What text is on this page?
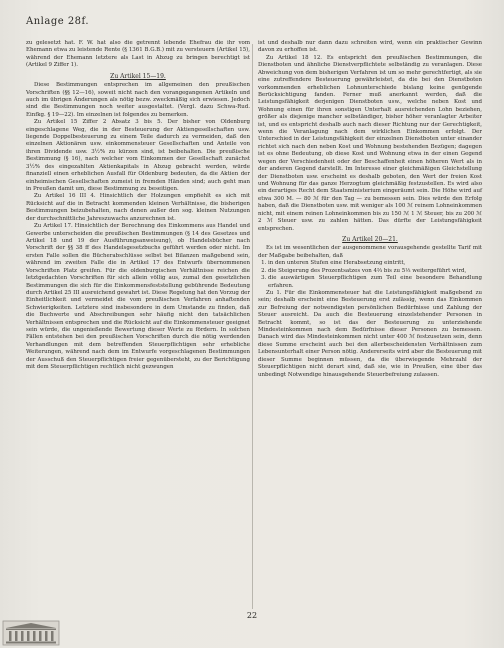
Anlage 28f.

zu gelesetzt hat. F. W. hat also die getrennt lebende Ehefrau die ihr vom Ehemann etwa zu leistende Rente (§ 1361 B.G.B.) mit zu versteuern (Artikel 15), während der Ehemann letztere als Last in Abzug zu bringen berechtigt ist (Artikel 9 Ziffer 1).

Zu Artikel 15—19.

Diese Bestimmungen entsprechen im allgemeinen den preußischen Vorschriften (§§ 12—16), soweit nicht nach den vorangegangenen Artikeln und auch im übrigen Änderungen als nötig bezw. zweckmäßig sich erwiesen. Jedoch sind die Bestimmungen noch weiter ausgestaltet. (Vergl. dazu Schwa-Rud. Einfkg. § 19—22). Im einzelnen ist folgendes zu bemerken.

Zu Artikel 15 Ziffer 2 Absatz 3 bis 5. Der bisher von Oldenburg eingeschlagene Weg, die in der Besteuerung der Aktiengesellschaften usw. liegende Doppelbesteuerung zu einem Teile dadurch zu vermeiden, daß den einzelnen Aktionären usw. einkommensteuer Gesellschaften und Anteile von ihren Dividende usw. 3½% zu kürzen sind, ist beibehalten. Die preußische Bestimmung (§ 16), nach welcher vom Einkommen der Gesellschaft zunächst 3½% des eingezahlten Aktienkapitals in Abzug gebracht werden, würde finanziell einen erheblichen Ausfall für Oldenburg bedeuten, da die Aktien der einheimischen Gesellschaften zumeist in fremden Händen sind; auch geht man in Preußen damit um, diese Bestimmung zu beseitigen.

Zu Artikel 16 III 4. Hinsichtlich der Holzungen empfiehlt es sich mit Rücksicht auf die in Betracht kommenden kleinen Verhältnisse, die bisherigen Bestimmungen beizubehalten, nach denen außer den sog. kleinen Nutzungen der durchschnittliche Jahreszuwachs anzurechnen ist.

Zu Artikel 17. Hinsichtlich der Berechnung des Einkommens aus Handel und Gewerbe unterscheiden die preußischen Bestimmungen (§ 14 des Gesetzes und Artikel 18 und 19 der Ausführungsanweisung), ob Handelsbücher nach Vorschrift der §§ 38 ff des Handelsgesetzbuchs geführt werden oder nicht. Im ersten Falle sollen die Bücherabschlüsse selbst bei Bilanzen maßgebend sein, während im zweiten Falle die in Artikel 17 des Entwurfs übernommenen Vorschriften Platz greifen. Für die oldenburgischen Verhältnisse reichen die letztgedachten Vorschriften für sich allein völlig aus, zumal den gesetzlichen Bestimmungen die sich für die Einkommensfeststellung gebührende Bedeutung durch Artikel 25 III ausreichend gewahrt ist. Diese Regelung hat den Vorzug der Einheitlichkeit und vermeidet die vom preußischen Verfahren anhaftenden Schwierigkeiten. Letztere sind insbesondere in dem Umstande zu finden, daß die Buchwerte und Abschreibungen sehr häufig nicht den tatsächlichen Verhältnissen entsprechen und die Rücksicht auf die Einkommensteuer geeignet sein würde, die ungenießende Bewertung dieser Werte zu fördern. In solchen Fällen entstehen bei den preußischen Vorschriften durch die nötig werdenden Verhandlungen mit dem betreffenden Steuerpflichtigen sehr erhebliche Weiterungen, während nach dem im Entwurfe vorgeschlagenen Bestimmungen der Ausschuß den Steuerpflichtigen freier gegenübersteht, zu der Berichtigung mit dem Steuerpflichtigen rechtlich nicht gezwungen

ist und deshalb nur dann dazu schreiten wird, wenn ein praktischer Gewinn davon zu erhoffen ist.

Zu Artikel 18 12. Es entspricht den preußischen Bestimmungen, die Dienstboten und ähnliche Dienstverpflichtete selbständig zu veranlagen. Diese Abweichung von dem bisherigen Verfahren ist um so mehr gerechtfertigt, als sie eine zutreffendere Besteuerung gewährleistet, da die bei den Dienstboten vorkommenden erheblichen Lohnunterschiede bislang keine genügende Berücksichtigung fanden. Ferner muß anerkannt werden, daß die Leistungsfähigkeit derjenigen Dienstboten usw., welche neben Kost und Wohnung einen für ihren sonstigen Unterhalt ausreichenden Lohn beziehen, größer als diejenige mancher selbständiger, bisher höher veranlagter Arbeiter ist, und es entspricht deshalb auch nach dieser Richtung nur der Gerechtigkeit, wenn die Veranlagung nach dem wirklichen Einkommen erfolgt. Der Unterschied in der Leistungsfähigkeit der einzelnen Dienstboten unter einander richtet sich nach den neben Kost und Wohnung bestehenden Bezügen; dagegen ist es ohne Bedeutung, ob diese Kost und Wohnung etwa in der einen Gegend wegen der Verschiedenheit oder der Beschaffenheit einen höheren Wert als in der anderen Gegend darstellt. Im Interesse einer gleichmäßigen Gleichstellung der Dienstboten usw. erscheint es deshalb geboten, den Wert der freien Kost und Wohnung für das ganze Herzogtum gleichmäßig festzustellen. Es wird also ein derartiges Recht dem Staatsministerium eingeräumt sein. Die Höhe wird auf etwa 300 M. — 80 ℳ für den Tag — zu bemessen sein. Dies würde den Erfolg haben, daß die Dienstboten usw. mit weniger als 100 ℳ reinem Lohneinkommen nicht, mit einem reinen Lohneinkommen bis zu 150 ℳ 1 ℳ Steuer, bis zu 200 ℳ 2 ℳ Steuer usw. zu zahlen hätten. Das dürfte der Leistungsfähigkeit entsprechen.

Zu Artikel 20—21.

Es ist im wesentlichen der ausgenommene vorausgehende gestellte Tarif mit der Maßgabe beibehalten, daß

1. in den unteren Stufen eine Herabsetzung eintritt,
2. die Steigerung des Prozentsatzes von 4⅔ bis zu 5⅓ weitergeführt wird,
3. die auswärtigen Steuerpflichtigen zum Teil eine besondere Behandlung erfahren.

Zu 1. Für die Einkommensteuer hat die Leistungsfähigkeit maßgebend zu sein; deshalb erscheint eine Besteuerung erst zulässig, wenn das Einkommen zur Befreiung der notwendigsten persönlichen Bedürfnisse und Zahlung der Steuer ausreicht. Da auch die Besteuerung einzelstehender Personen in Betracht kommt, so ist das der Besteuerung zu unterziehende Mindesteinkommen nach dem Bedürfnisse dieser Personen zu bemessen. Danach wird das Mindesteinkommen nicht unter 400 ℳ festzusetzen sein, denn diese Summe erscheint auch bei den allerbescheidensten Verhältnissen zum Lebensunterhalt einer Person nötig. Andererseits wird aber die Besteuerung mit dieser Summe beginnen müssen, da die überwiegende Mehrzahl der Steuerpflichtigen nicht derart sind, daß sie, wie in Preußen, eine über das unbedingt Notwendige hinausgehende Steuerbefreiung zulassen.

22
